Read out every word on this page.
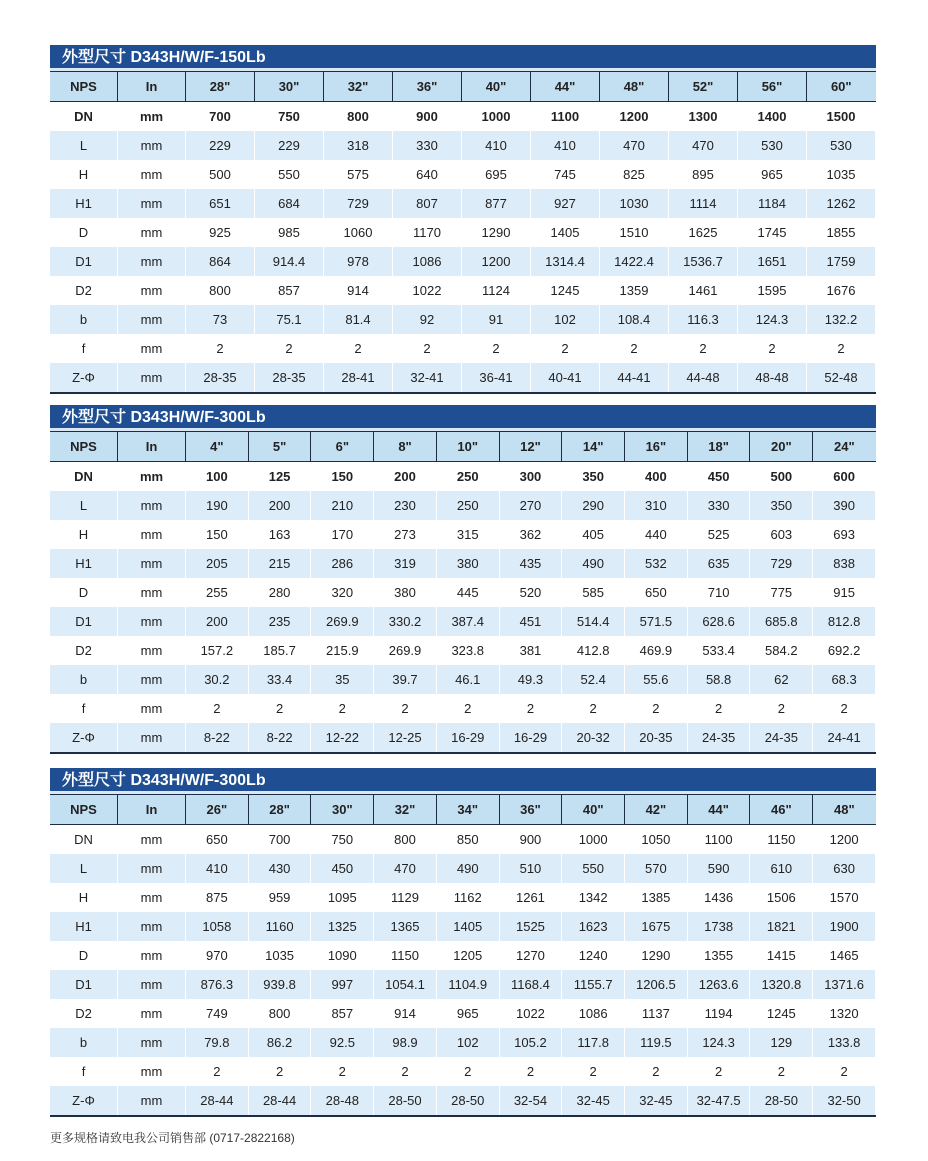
外型尺寸 D343H/W/F-150Lb
NPS	In	28"	30"	32"	36"	40"	44"	48"	52"	56"	60"
DN	mm	700	750	800	900	1000	1100	1200	1300	1400	1500
L	mm	229	229	318	330	410	410	470	470	530	530
H	mm	500	550	575	640	695	745	825	895	965	1035
H1	mm	651	684	729	807	877	927	1030	1114	1184	1262
D	mm	925	985	1060	1170	1290	1405	1510	1625	1745	1855
D1	mm	864	914.4	978	1086	1200	1314.4	1422.4	1536.7	1651	1759
D2	mm	800	857	914	1022	1124	1245	1359	1461	1595	1676
b	mm	73	75.1	81.4	92	91	102	108.4	116.3	124.3	132.2
f	mm	2	2	2	2	2	2	2	2	2	2
Z-Φ	mm	28-35	28-35	28-41	32-41	36-41	40-41	44-41	44-48	48-48	52-48
外型尺寸 D343H/W/F-300Lb
NPS	In	4"	5"	6"	8"	10"	12"	14"	16"	18"	20"	24"
DN	mm	100	125	150	200	250	300	350	400	450	500	600
L	mm	190	200	210	230	250	270	290	310	330	350	390
H	mm	150	163	170	273	315	362	405	440	525	603	693
H1	mm	205	215	286	319	380	435	490	532	635	729	838
D	mm	255	280	320	380	445	520	585	650	710	775	915
D1	mm	200	235	269.9	330.2	387.4	451	514.4	571.5	628.6	685.8	812.8
D2	mm	157.2	185.7	215.9	269.9	323.8	381	412.8	469.9	533.4	584.2	692.2
b	mm	30.2	33.4	35	39.7	46.1	49.3	52.4	55.6	58.8	62	68.3
f	mm	2	2	2	2	2	2	2	2	2	2	2
Z-Φ	mm	8-22	8-22	12-22	12-25	16-29	16-29	20-32	20-35	24-35	24-35	24-41
外型尺寸 D343H/W/F-300Lb
NPS	In	26"	28"	30"	32"	34"	36"	40"	42"	44"	46"	48"
DN	mm	650	700	750	800	850	900	1000	1050	1100	1150	1200
L	mm	410	430	450	470	490	510	550	570	590	610	630
H	mm	875	959	1095	1129	1162	1261	1342	1385	1436	1506	1570
H1	mm	1058	1160	1325	1365	1405	1525	1623	1675	1738	1821	1900
D	mm	970	1035	1090	1150	1205	1270	1240	1290	1355	1415	1465
D1	mm	876.3	939.8	997	1054.1	1104.9	1168.4	1155.7	1206.5	1263.6	1320.8	1371.6
D2	mm	749	800	857	914	965	1022	1086	1137	1194	1245	1320
b	mm	79.8	86.2	92.5	98.9	102	105.2	117.8	119.5	124.3	129	133.8
f	mm	2	2	2	2	2	2	2	2	2	2	2
Z-Φ	mm	28-44	28-44	28-48	28-50	28-50	32-54	32-45	32-45	32-47.5	28-50	32-50
更多规格请致电我公司销售部 (0717-2822168)
